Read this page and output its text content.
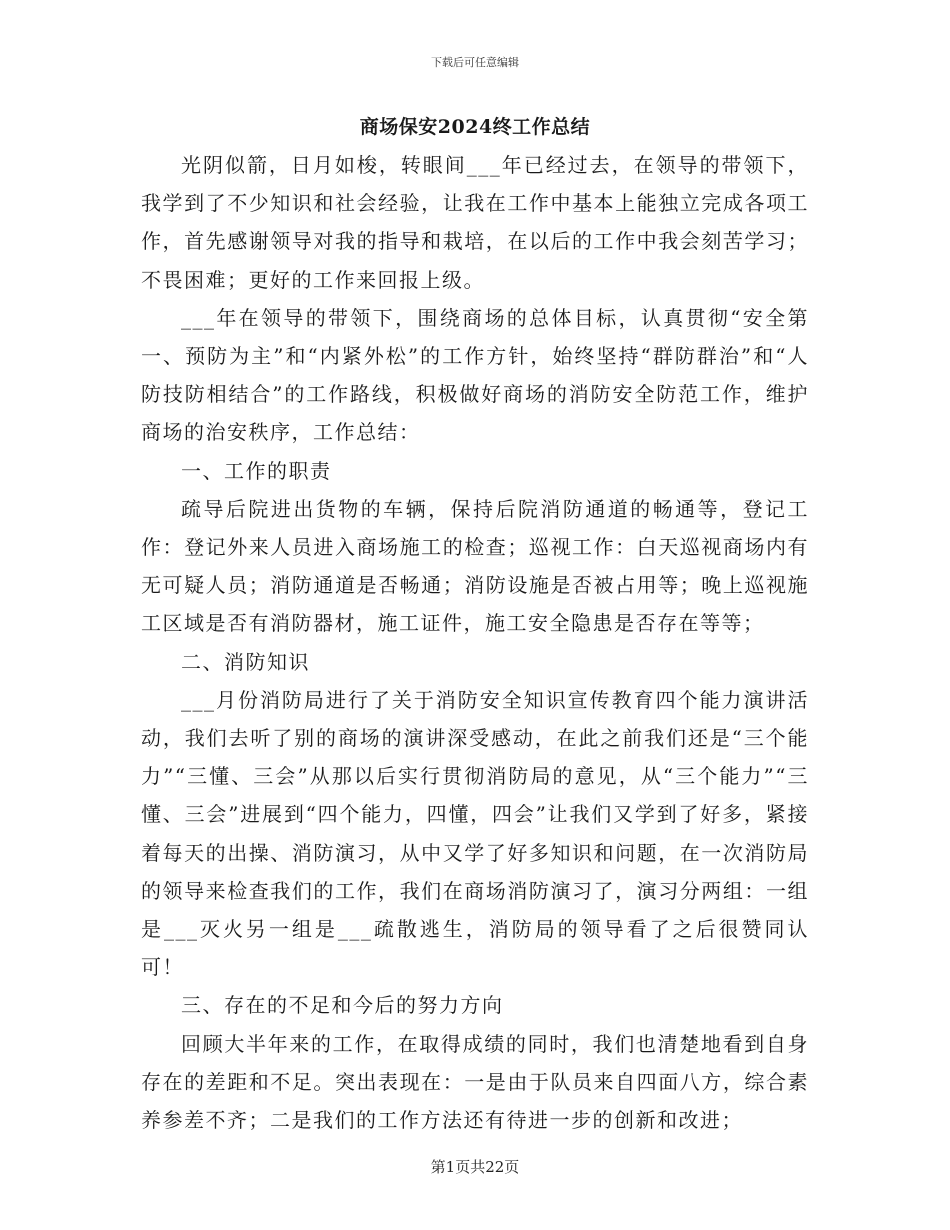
下载后可任意编辑
商场保安2024终工作总结

光阴似箭，日月如梭，转眼间___年已经过去，在领导的带领下，我学到了不少知识和社会经验，让我在工作中基本上能独立完成各项工作，首先感谢领导对我的指导和栽培，在以后的工作中我会刻苦学习；不畏困难；更好的工作来回报上级。

___年在领导的带领下，围绕商场的总体目标，认真贯彻“安全第一、预防为主”和“内紧外松”的工作方针，始终坚持“群防群治”和“人防技防相结合”的工作路线，积极做好商场的消防安全防范工作，维护商场的治安秩序，工作总结：

一、工作的职责

疏导后院进出货物的车辆，保持后院消防通道的畅通等，登记工作：登记外来人员进入商场施工的检查；巡视工作：白天巡视商场内有无可疑人员；消防通道是否畅通；消防设施是否被占用等；晚上巡视施工区域是否有消防器材，施工证件，施工安全隐患是否存在等等；

二、消防知识

___月份消防局进行了关于消防安全知识宣传教育四个能力演讲活动，我们去听了别的商场的演讲深受感动，在此之前我们还是“三个能力”“三懂、三会”从那以后实行贯彻消防局的意见，从“三个能力”“三懂、三会”进展到“四个能力，四懂，四会”让我们又学到了好多，紧接着每天的出操、消防演习，从中又学了好多知识和问题，在一次消防局的领导来检查我们的工作，我们在商场消防演习了，演习分两组：一组是___灭火另一组是___疏散逃生，消防局的领导看了之后很赞同认可！

三、存在的不足和今后的努力方向

回顾大半年来的工作，在取得成绩的同时，我们也清楚地看到自身存在的差距和不足。突出表现在：一是由于队员来自四面八方，综合素养参差不齐；二是我们的工作方法还有待进一步的创新和改进；

第1页共22页
